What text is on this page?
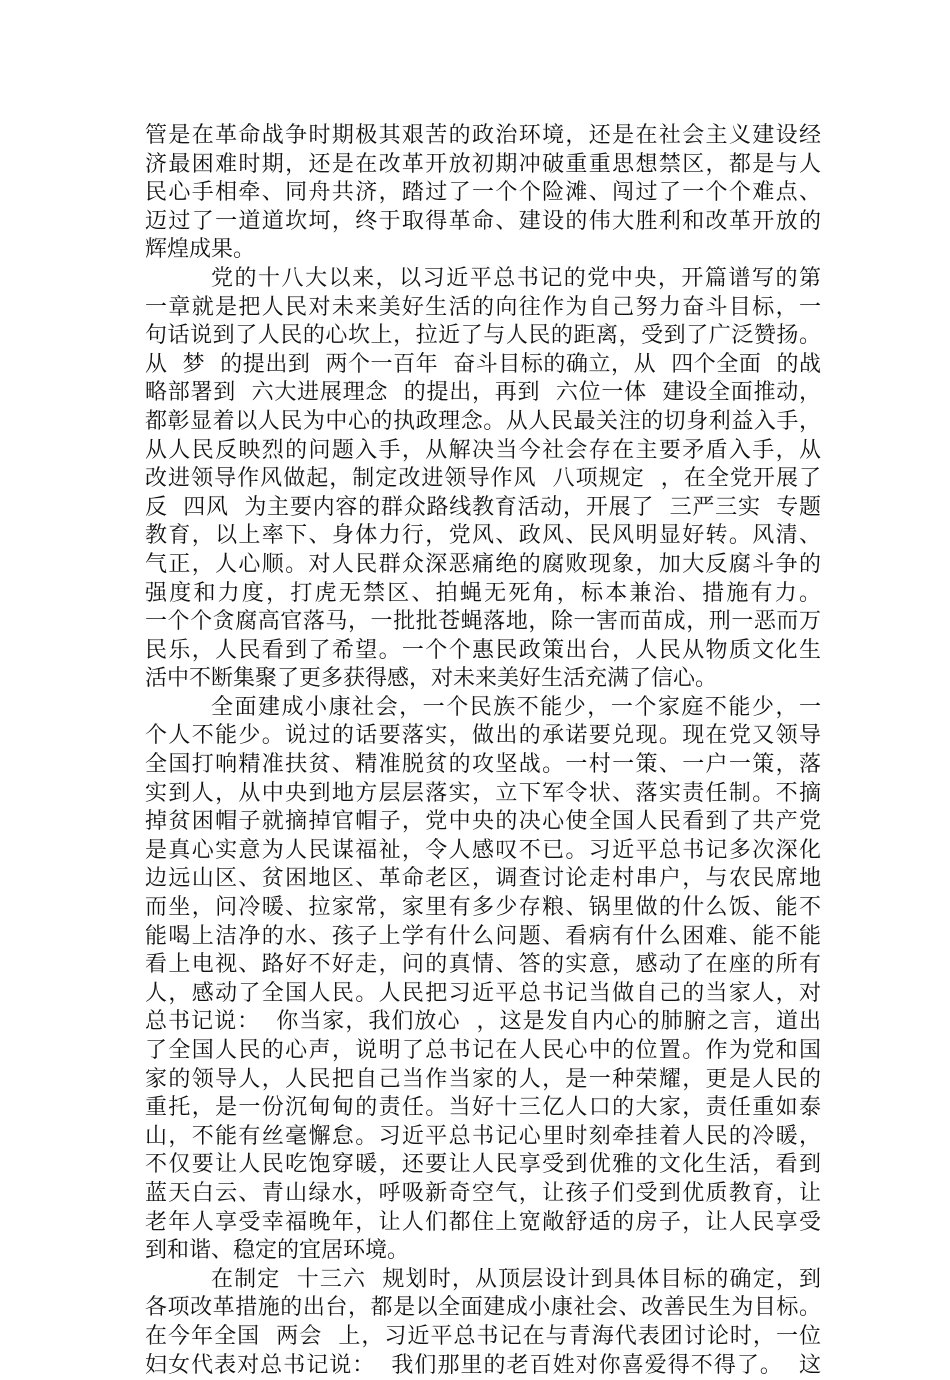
管是在革命战争时期极其艰苦的政治环境，还是在社会主义建设经
济最困难时期，还是在改革开放初期冲破重重思想禁区，都是与人
民心手相牵、同舟共济，踏过了一个个险滩、闯过了一个个难点、
迈过了一道道坎坷，终于取得革命、建设的伟大胜利和改革开放的
辉煌成果。
党的十八大以来，以习近平总书记的党中央，开篇谱写的第
一章就是把人民对未来美好生活的向往作为自己努力奋斗目标，一
句话说到了人民的心坎上，拉近了与人民的距离，受到了广泛赞扬。
从  梦  的提出到  两个一百年  奋斗目标的确立，从  四个全面  的战
略部署到  六大进展理念  的提出，再到  六位一体  建设全面推动，
都彰显着以人民为中心的执政理念。从人民最关注的切身利益入手，
从人民反映烈的问题入手，从解决当今社会存在主要矛盾入手，从
改进领导作风做起，制定改进领导作风  八项规定  ，在全党开展了
反  四风  为主要内容的群众路线教育活动，开展了  三严三实  专题
教育，以上率下、身体力行，党风、政风、民风明显好转。风清、
气正，人心顺。对人民群众深恶痛绝的腐败现象，加大反腐斗争的
强度和力度，打虎无禁区、拍蝇无死角，标本兼治、措施有力。
一个个贪腐高官落马，一批批苍蝇落地，除一害而苗成，刑一恶而万
民乐，人民看到了希望。一个个惠民政策出台，人民从物质文化生
活中不断集聚了更多获得感，对未来美好生活充满了信心。
全面建成小康社会，一个民族不能少，一个家庭不能少，一
个人不能少。说过的话要落实，做出的承诺要兑现。现在党又领导
全国打响精准扶贫、精准脱贫的攻坚战。一村一策、一户一策，落
实到人，从中央到地方层层落实，立下军令状、落实责任制。不摘
掉贫困帽子就摘掉官帽子，党中央的决心使全国人民看到了共产党
是真心实意为人民谋福祉，令人感叹不已。习近平总书记多次深化
边远山区、贫困地区、革命老区，调查讨论走村串户，与农民席地
而坐，问冷暖、拉家常，家里有多少存粮、锅里做的什么饭、能不
能喝上洁净的水、孩子上学有什么问题、看病有什么困难、能不能
看上电视、路好不好走，问的真情、答的实意，感动了在座的所有
人，感动了全国人民。人民把习近平总书记当做自己的当家人，对
总书记说：  你当家，我们放心  ，这是发自内心的肺腑之言，道出
了全国人民的心声，说明了总书记在人民心中的位置。作为党和国
家的领导人，人民把自己当作当家的人，是一种荣耀，更是人民的
重托，是一份沉甸甸的责任。当好十三亿人口的大家，责任重如泰
山，不能有丝毫懈怠。习近平总书记心里时刻牵挂着人民的冷暖，
不仅要让人民吃饱穿暖，还要让人民享受到优雅的文化生活，看到
蓝天白云、青山绿水，呼吸新奇空气，让孩子们受到优质教育，让
老年人享受幸福晚年，让人们都住上宽敞舒适的房子，让人民享受
到和谐、稳定的宜居环境。
在制定  十三六  规划时，从顶层设计到具体目标的确定，到
各项改革措施的出台，都是以全面建成小康社会、改善民生为目标。
在今年全国  两会  上，习近平总书记在与青海代表团讨论时，一位
妇女代表对总书记说：  我们那里的老百姓对你喜爱得不得了。  这
